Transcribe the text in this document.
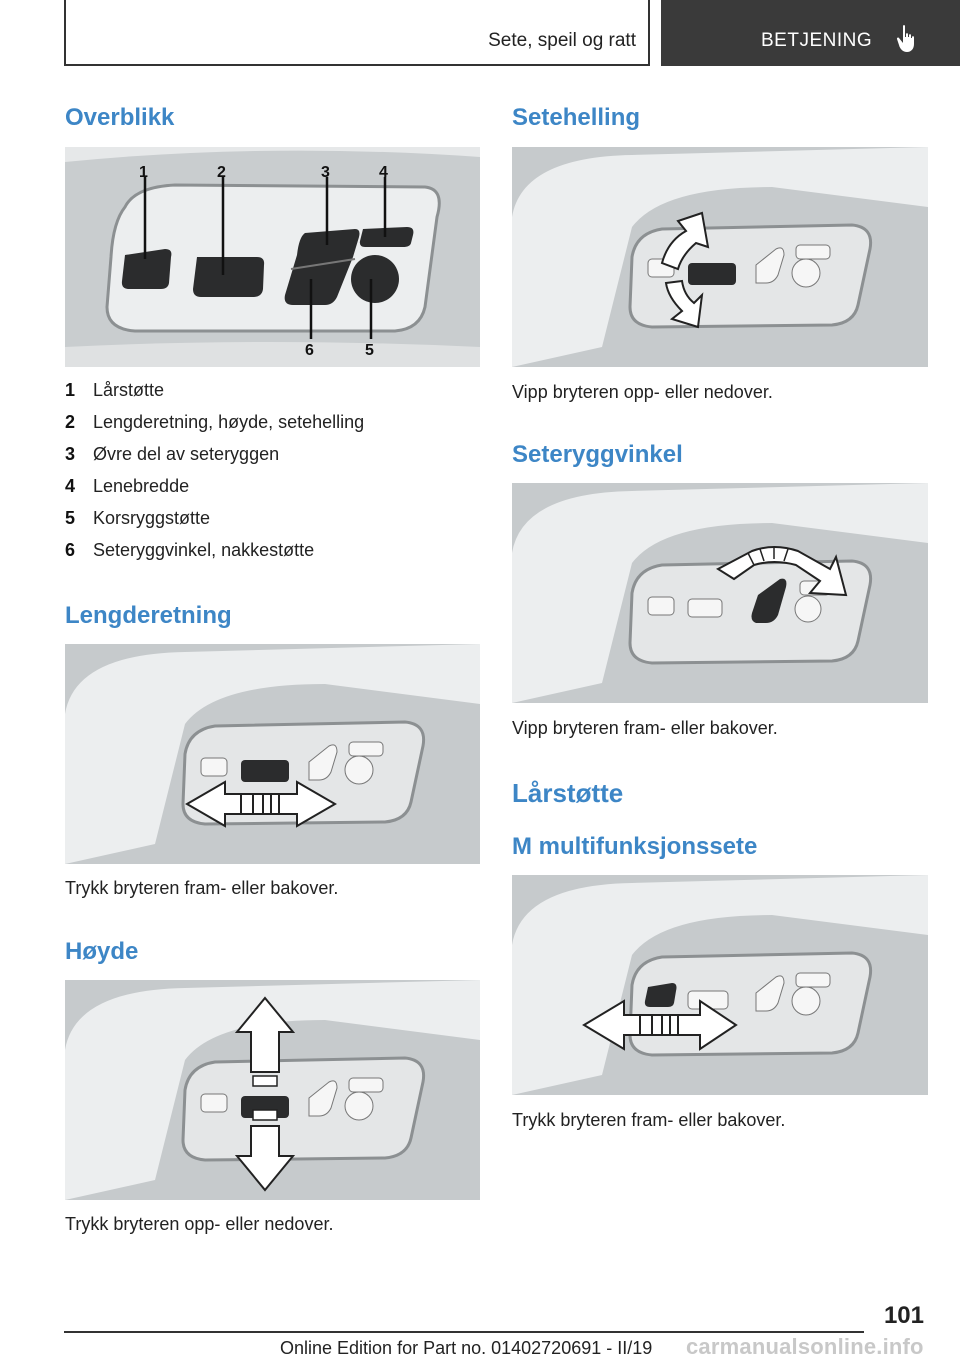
Sete, speil og ratt	BETJENING
Overblikk
1	2	3	4
6	5
1 Lårstøtte
2 Lengderetning, høyde, setehelling
3 Øvre del av seteryggen
4 Lenebredde
5 Korsryggstøtte
6 Seteryggvinkel, nakkestøtte
Lengderetning

Trykk bryteren fram- eller bakover.

Høyde

Trykk bryteren opp- eller nedover.

Setehelling

Vipp bryteren opp- eller nedover.

Seteryggvinkel

Vipp bryteren fram- eller bakover.

Lårstøtte
M multifunksjonssete

Trykk bryteren fram- eller bakover.

101
Online Edition for Part no. 01402720691 - II/19 carmanualsonline.info
